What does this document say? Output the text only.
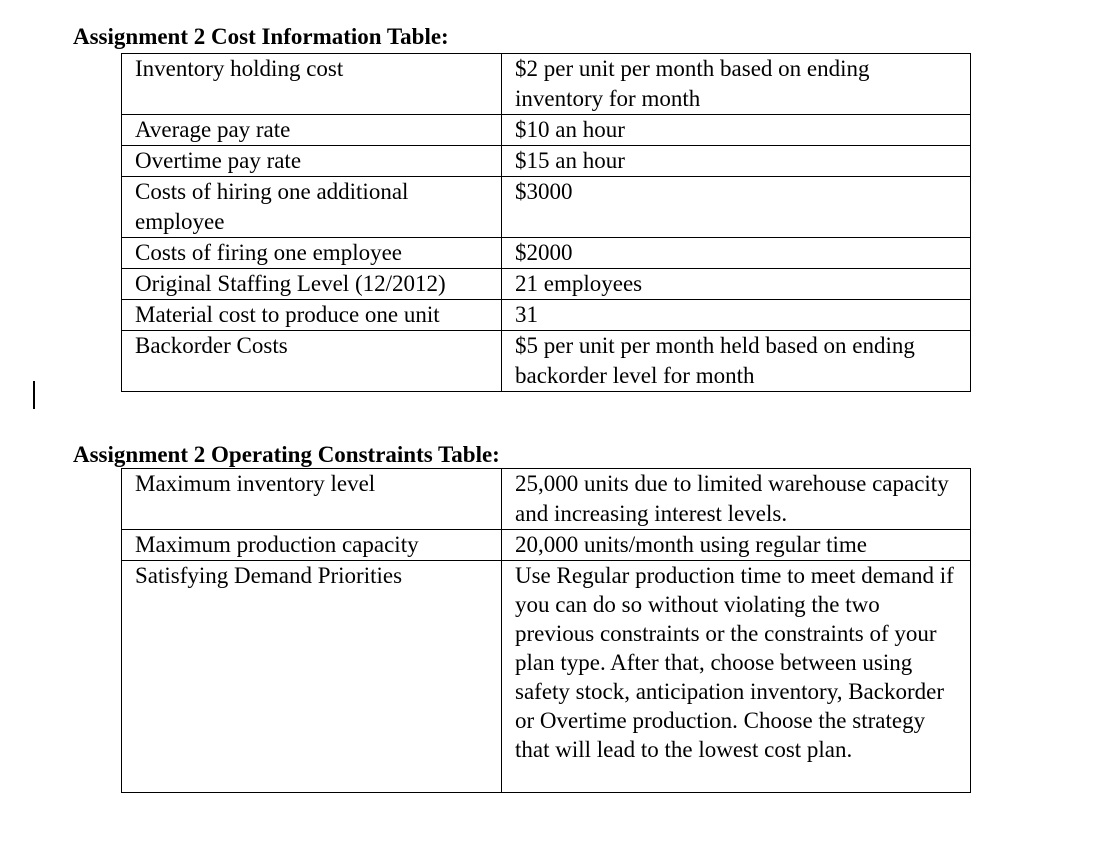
Assignment 2 Cost Information Table:
Inventory holding cost	$2 per unit per month based on ending inventory for month

Average pay rate	$10 an hour

Overtime pay rate	$15 an hour

Costs of hiring one additional employee	$3000

Costs of firing one employee	$2000

Original Staffing Level (12/2012)	21 employees

Material cost to produce one unit	31

Backorder Costs	$5 per unit per month held based on ending backorder level for month
Assignment 2 Operating Constraints Table:
Maximum inventory level	25,000 units due to limited warehouse capacity and increasing interest levels.

Maximum production capacity	20,000 units/month using regular time

Satisfying Demand Priorities	Use Regular production time to meet demand if you can do so without violating the two previous constraints or the constraints of your plan type. After that, choose between using safety stock, anticipation inventory, Backorder or Overtime production. Choose the strategy that will lead to the lowest cost plan.
